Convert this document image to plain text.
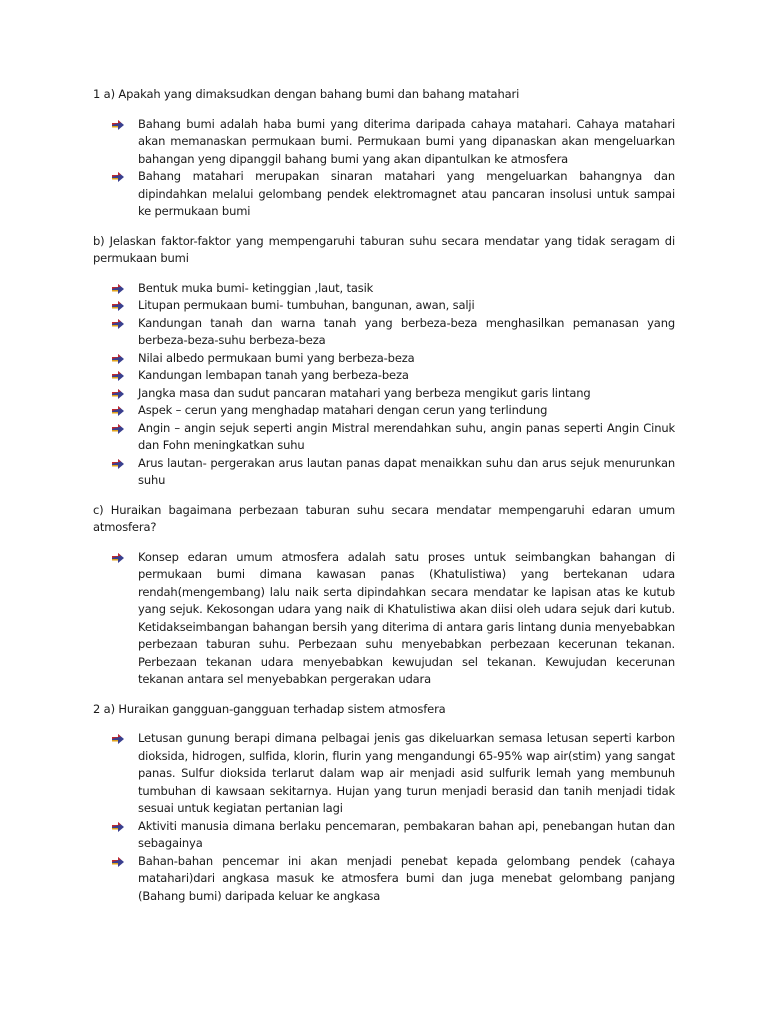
1 a) Apakah yang dimaksudkan dengan bahang bumi dan bahang matahari

Bahang bumi adalah haba bumi yang diterima daripada cahaya matahari. Cahaya matahari akan memanaskan permukaan bumi. Permukaan bumi yang dipanaskan akan mengeluarkan bahangan yeng dipanggil bahang bumi yang akan dipantulkan ke atmosfera
Bahang matahari merupakan sinaran matahari yang mengeluarkan bahangnya dan dipindahkan melalui gelombang pendek elektromagnet atau pancaran insolusi untuk sampai ke permukaan bumi

b) Jelaskan faktor-faktor yang mempengaruhi taburan suhu secara mendatar yang tidak seragam di permukaan bumi

Bentuk muka bumi- ketinggian ,laut, tasik
Litupan permukaan bumi- tumbuhan, bangunan, awan, salji
Kandungan tanah dan warna tanah yang berbeza-beza menghasilkan pemanasan yang berbeza-beza-suhu berbeza-beza
Nilai albedo permukaan bumi yang berbeza-beza
Kandungan lembapan tanah yang berbeza-beza
Jangka masa dan sudut pancaran matahari yang berbeza mengikut garis lintang
Aspek – cerun yang menghadap matahari dengan cerun yang terlindung
Angin – angin sejuk seperti angin Mistral merendahkan suhu, angin panas seperti Angin Cinuk dan Fohn meningkatkan suhu
Arus lautan- pergerakan arus lautan panas dapat menaikkan suhu dan arus sejuk menurunkan suhu

c) Huraikan bagaimana perbezaan taburan suhu secara mendatar mempengaruhi edaran umum atmosfera?

Konsep edaran umum atmosfera adalah satu proses untuk seimbangkan bahangan di permukaan bumi dimana kawasan panas (Khatulistiwa) yang bertekanan udara rendah(mengembang) lalu naik serta dipindahkan secara mendatar ke lapisan atas ke kutub yang sejuk. Kekosongan udara yang naik di Khatulistiwa akan diisi oleh udara sejuk dari kutub. Ketidakseimbangan bahangan bersih yang diterima di antara garis lintang dunia menyebabkan perbezaan taburan suhu. Perbezaan suhu menyebabkan perbezaan kecerunan tekanan. Perbezaan tekanan udara menyebabkan kewujudan sel tekanan. Kewujudan kecerunan tekanan antara sel menyebabkan pergerakan udara

2 a) Huraikan gangguan-gangguan terhadap sistem atmosfera

Letusan gunung berapi dimana pelbagai jenis gas dikeluarkan semasa letusan seperti karbon dioksida, hidrogen, sulfida, klorin, flurin yang mengandungi 65-95% wap air(stim) yang sangat panas. Sulfur dioksida terlarut dalam wap air menjadi asid sulfurik lemah yang membunuh tumbuhan di kawsaan sekitarnya. Hujan yang turun menjadi berasid dan tanih menjadi tidak sesuai untuk kegiatan pertanian lagi
Aktiviti manusia dimana berlaku pencemaran, pembakaran bahan api, penebangan hutan dan sebagainya
Bahan-bahan pencemar ini akan menjadi penebat kepada gelombang pendek (cahaya matahari)dari angkasa masuk ke atmosfera bumi dan juga menebat gelombang panjang (Bahang bumi) daripada keluar ke angkasa
